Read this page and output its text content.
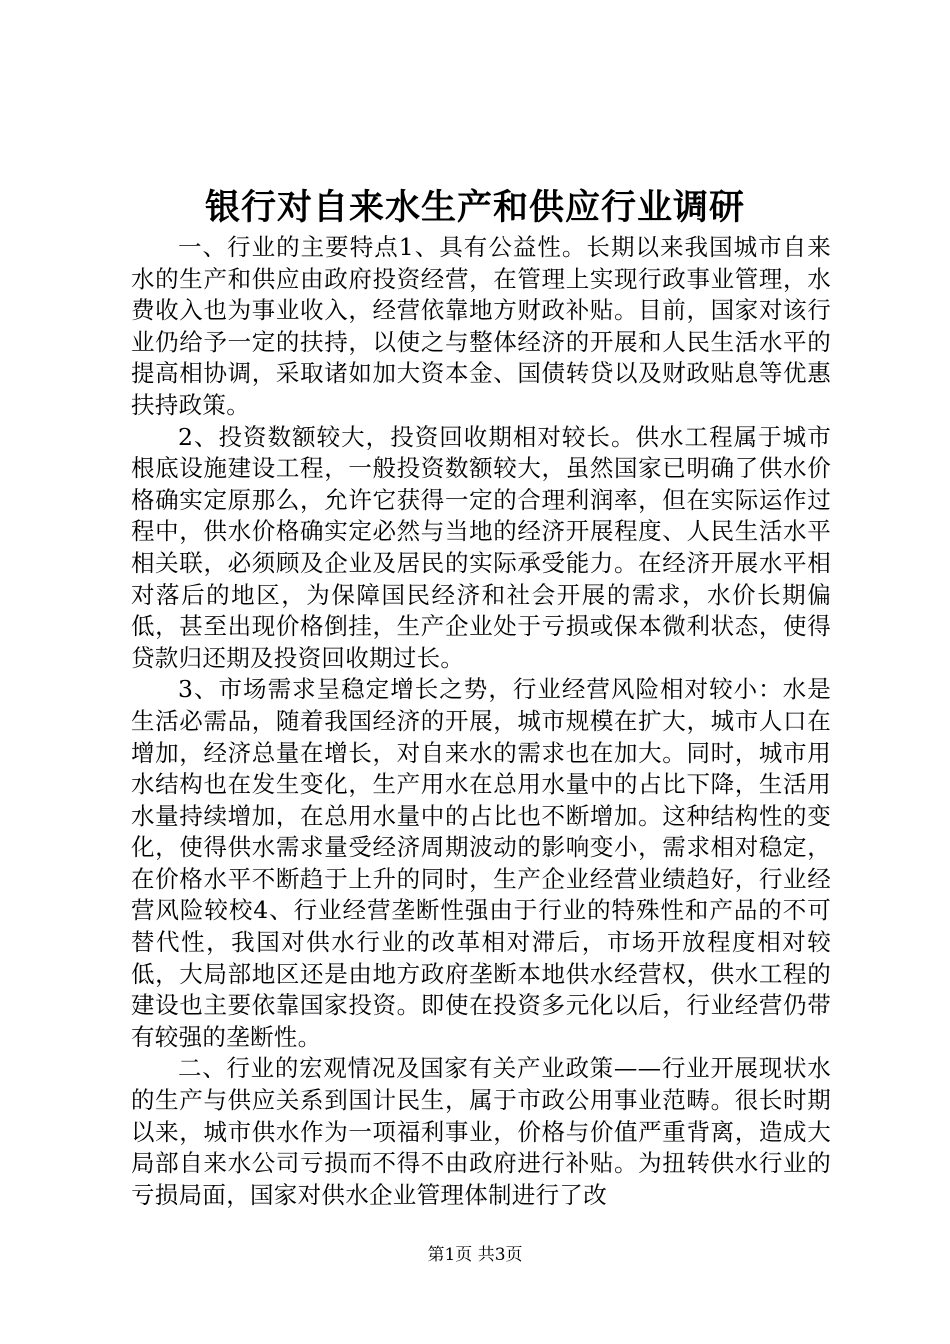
银行对自来水生产和供应行业调研

一、行业的主要特点1、具有公益性。长期以来我国城市自来水的生产和供应由政府投资经营，在管理上实现行政事业管理，水费收入也为事业收入，经营依靠地方财政补贴。目前，国家对该行业仍给予一定的扶持，以使之与整体经济的开展和人民生活水平的提高相协调，采取诸如加大资本金、国债转贷以及财政贴息等优惠扶持政策。

2、投资数额较大，投资回收期相对较长。供水工程属于城市根底设施建设工程，一般投资数额较大，虽然国家已明确了供水价格确实定原那么，允许它获得一定的合理利润率，但在实际运作过程中，供水价格确实定必然与当地的经济开展程度、人民生活水平相关联，必须顾及企业及居民的实际承受能力。在经济开展水平相对落后的地区，为保障国民经济和社会开展的需求，水价长期偏低，甚至出现价格倒挂，生产企业处于亏损或保本微利状态，使得贷款归还期及投资回收期过长。

3、市场需求呈稳定增长之势，行业经营风险相对较小：水是生活必需品，随着我国经济的开展，城市规模在扩大，城市人口在增加，经济总量在增长，对自来水的需求也在加大。同时，城市用水结构也在发生变化，生产用水在总用水量中的占比下降，生活用水量持续增加，在总用水量中的占比也不断增加。这种结构性的变化，使得供水需求量受经济周期波动的影响变小，需求相对稳定，在价格水平不断趋于上升的同时，生产企业经营业绩趋好，行业经营风险较校4、行业经营垄断性强由于行业的特殊性和产品的不可替代性，我国对供水行业的改革相对滞后，市场开放程度相对较低，大局部地区还是由地方政府垄断本地供水经营权，供水工程的建设也主要依靠国家投资。即使在投资多元化以后，行业经营仍带有较强的垄断性。

二、行业的宏观情况及国家有关产业政策——行业开展现状水的生产与供应关系到国计民生，属于市政公用事业范畴。很长时期以来，城市供水作为一项福利事业，价格与价值严重背离，造成大局部自来水公司亏损而不得不由政府进行补贴。为扭转供水行业的亏损局面，国家对供水企业管理体制进行了改

第1页 共3页
